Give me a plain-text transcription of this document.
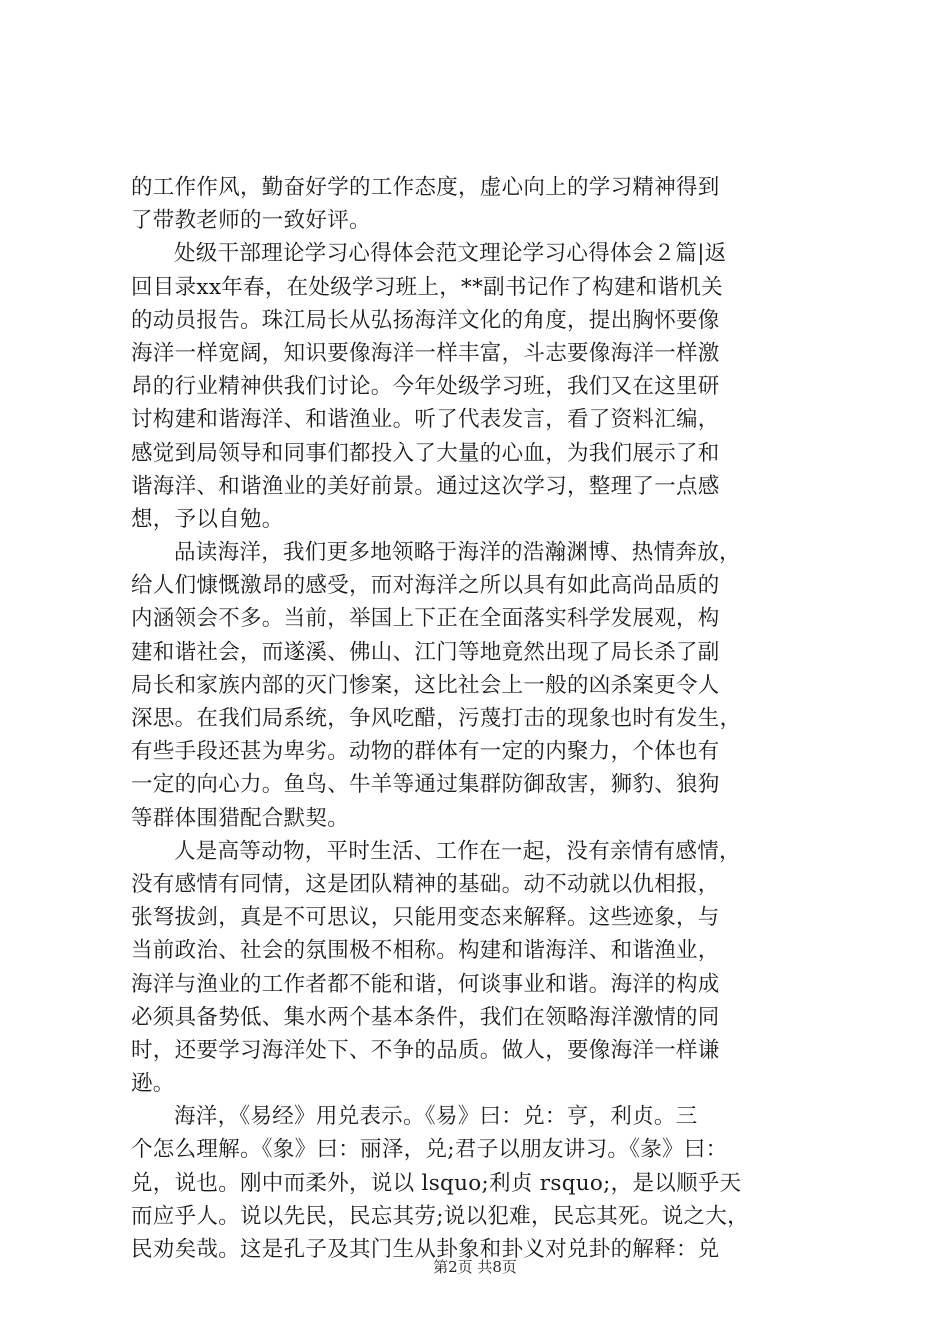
的工作作风，勤奋好学的工作态度，虚心向上的学习精神得到
了带教老师的一致好评。
处级干部理论学习心得体会范文理论学习心得体会２篇|返
回目录xx年春，在处级学习班上，**副书记作了构建和谐机关
的动员报告。珠江局长从弘扬海洋文化的角度，提出胸怀要像
海洋一样宽阔，知识要像海洋一样丰富，斗志要像海洋一样激
昂的行业精神供我们讨论。今年处级学习班，我们又在这里研
讨构建和谐海洋、和谐渔业。听了代表发言，看了资料汇编，
感觉到局领导和同事们都投入了大量的心血，为我们展示了和
谐海洋、和谐渔业的美好前景。通过这次学习，整理了一点感
想，予以自勉。
品读海洋，我们更多地领略于海洋的浩瀚渊博、热情奔放，
给人们慷慨激昂的感受，而对海洋之所以具有如此高尚品质的
内涵领会不多。当前，举国上下正在全面落实科学发展观，构
建和谐社会，而遂溪、佛山、江门等地竟然出现了局长杀了副
局长和家族内部的灭门惨案，这比社会上一般的凶杀案更令人
深思。在我们局系统，争风吃醋，污蔑打击的现象也时有发生，
有些手段还甚为卑劣。动物的群体有一定的内聚力，个体也有
一定的向心力。鱼鸟、牛羊等通过集群防御敌害，狮豹、狼狗
等群体围猎配合默契。
人是高等动物，平时生活、工作在一起，没有亲情有感情，
没有感情有同情，这是团队精神的基础。动不动就以仇相报，
张弩拔剑，真是不可思议，只能用变态来解释。这些迹象，与
当前政治、社会的氛围极不相称。构建和谐海洋、和谐渔业，
海洋与渔业的工作者都不能和谐，何谈事业和谐。海洋的构成
必须具备势低、集水两个基本条件，我们在领略海洋激情的同
时，还要学习海洋处下、不争的品质。做人，要像海洋一样谦
逊。
海洋，《易经》用兑表示。《易》曰：兑：亨，利贞。三
个怎么理解。《象》曰：丽泽，兑;君子以朋友讲习。《彖》曰：
兑，说也。刚中而柔外，说以 lsquo;利贞 rsquo;，是以顺乎天
而应乎人。说以先民，民忘其劳;说以犯难，民忘其死。说之大，
民劝矣哉。这是孔子及其门生从卦象和卦义对兑卦的解释：兑
第2页 共8页
